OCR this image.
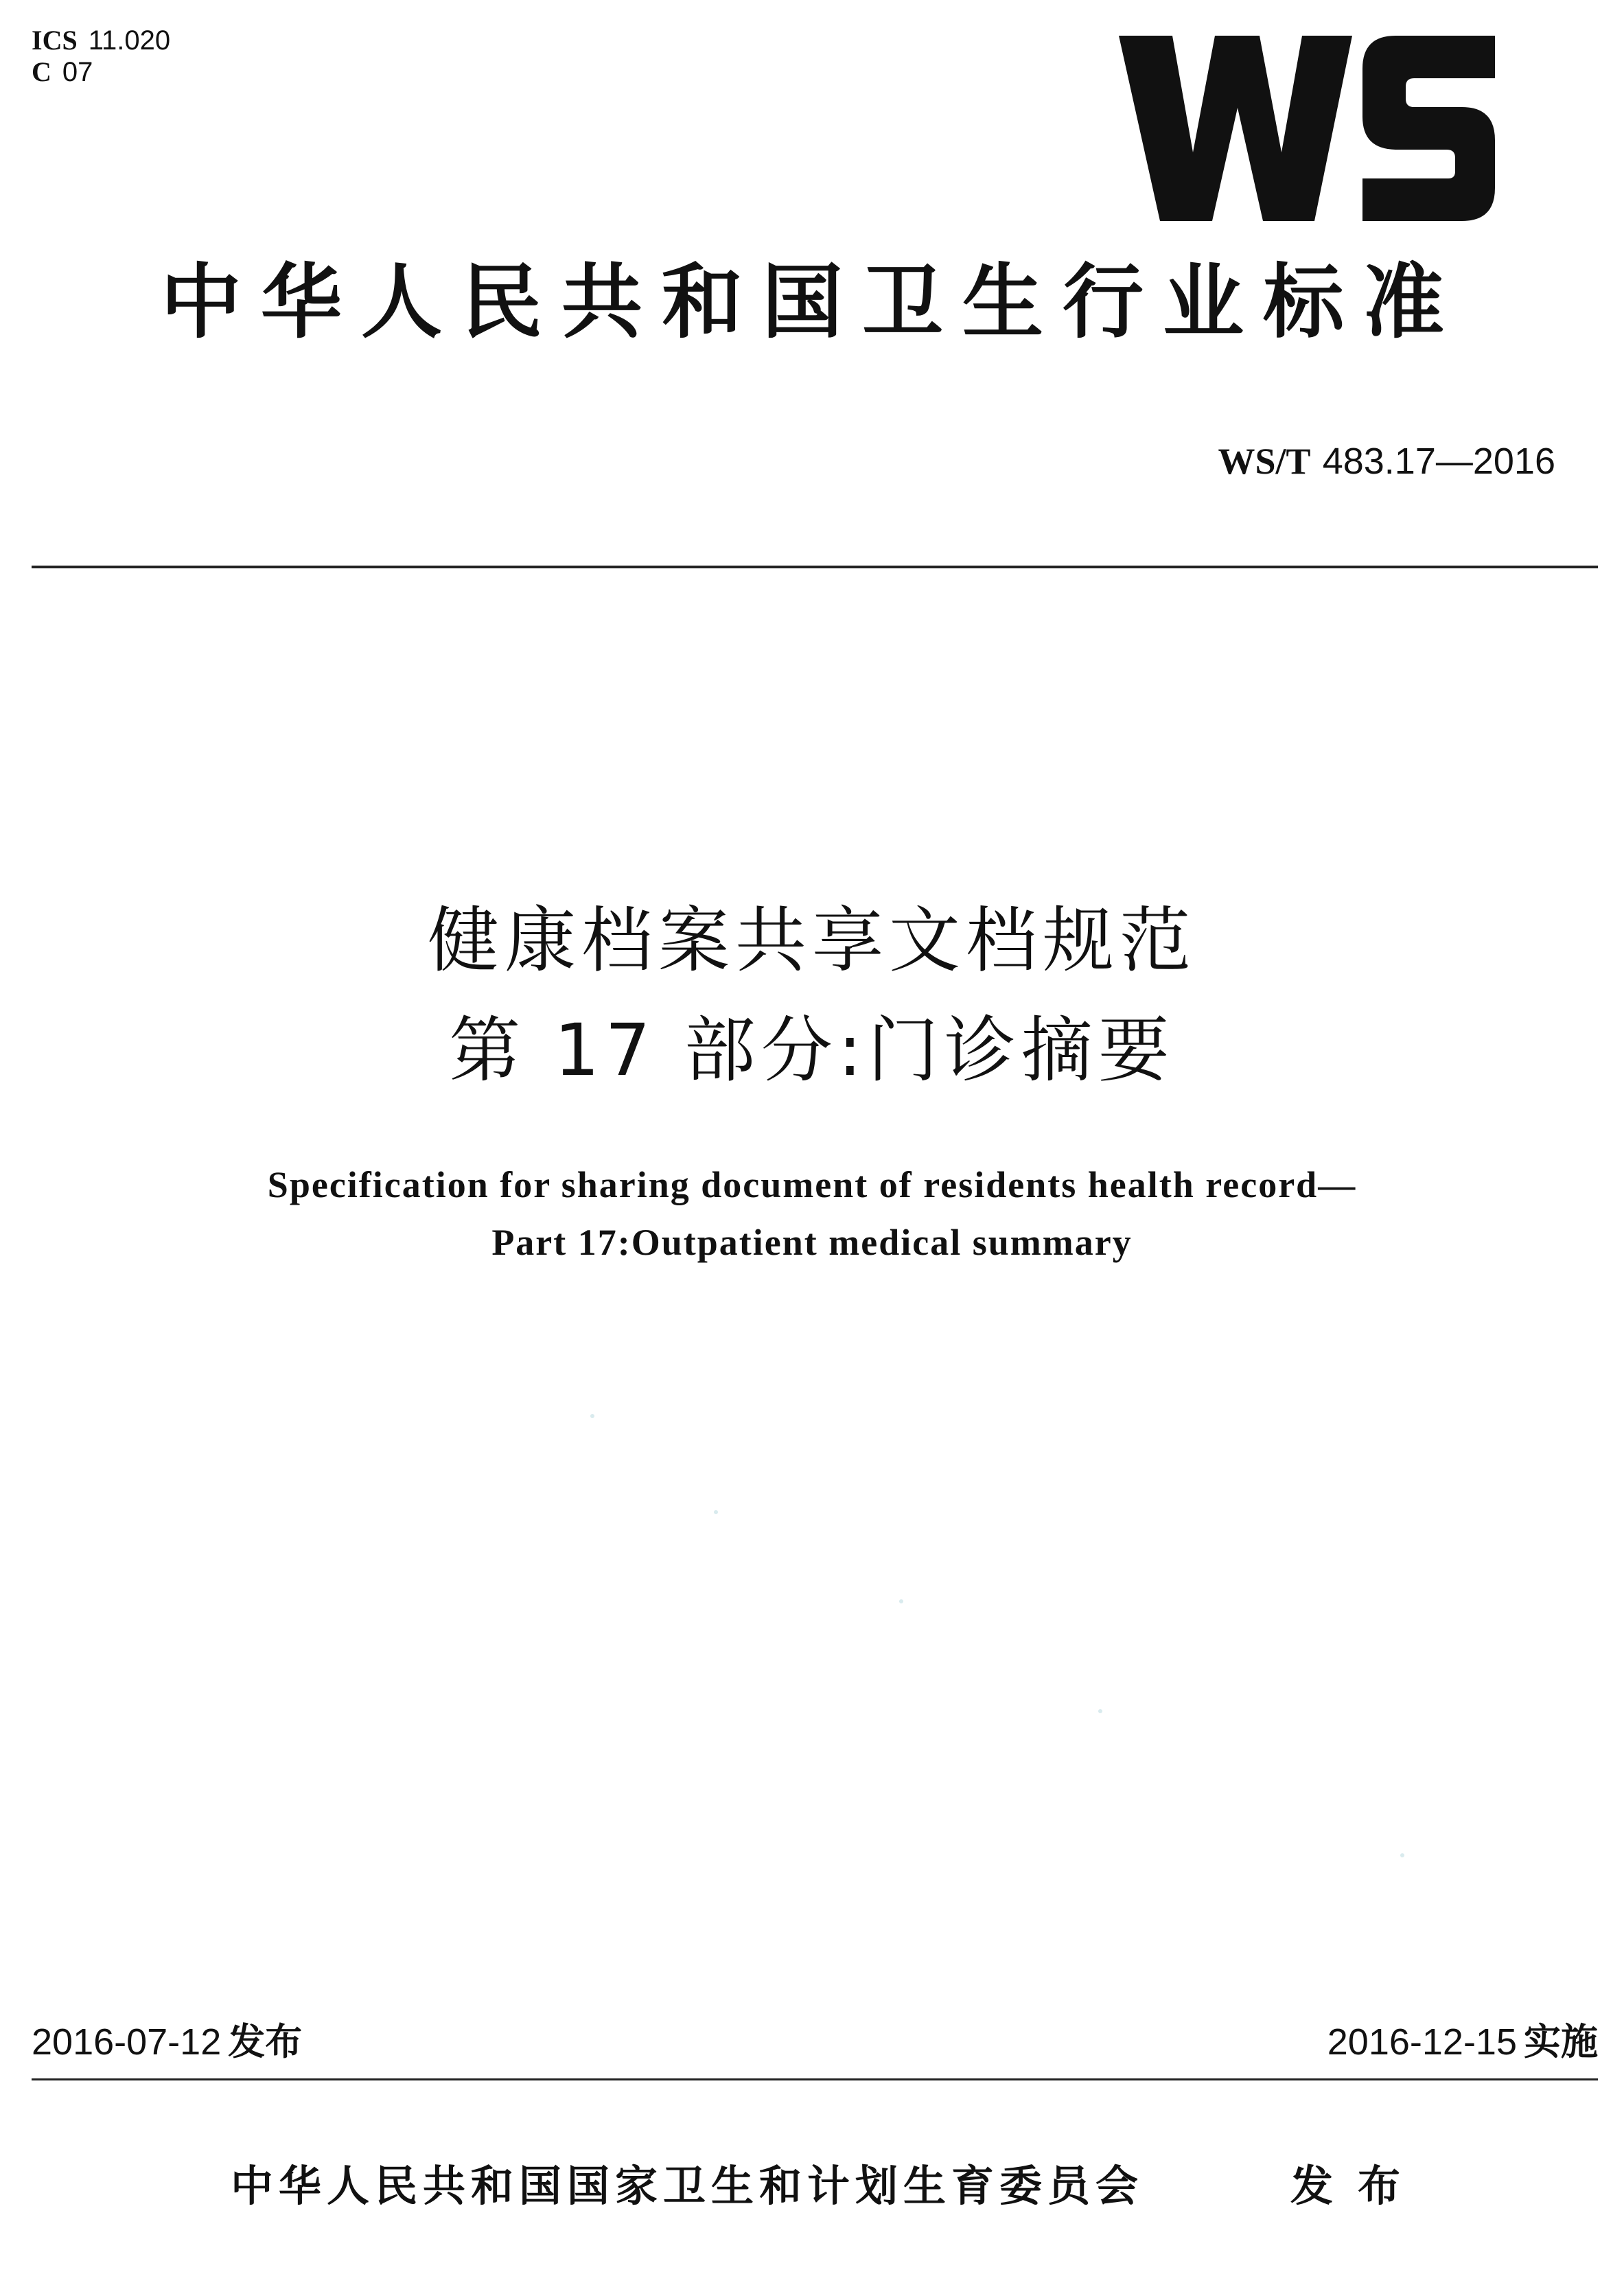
ICS 11.020
C 07
中华人民共和国卫生行业标准
WS/T 483.17—2016
健康档案共享文档规范
第 17 部分:门诊摘要
Specification for sharing document of residents health record—
Part 17:Outpatient medical summary
2016-07-12 发布	2016-12-15 实施
中华人民共和国国家卫生和计划生育委员会	发布
